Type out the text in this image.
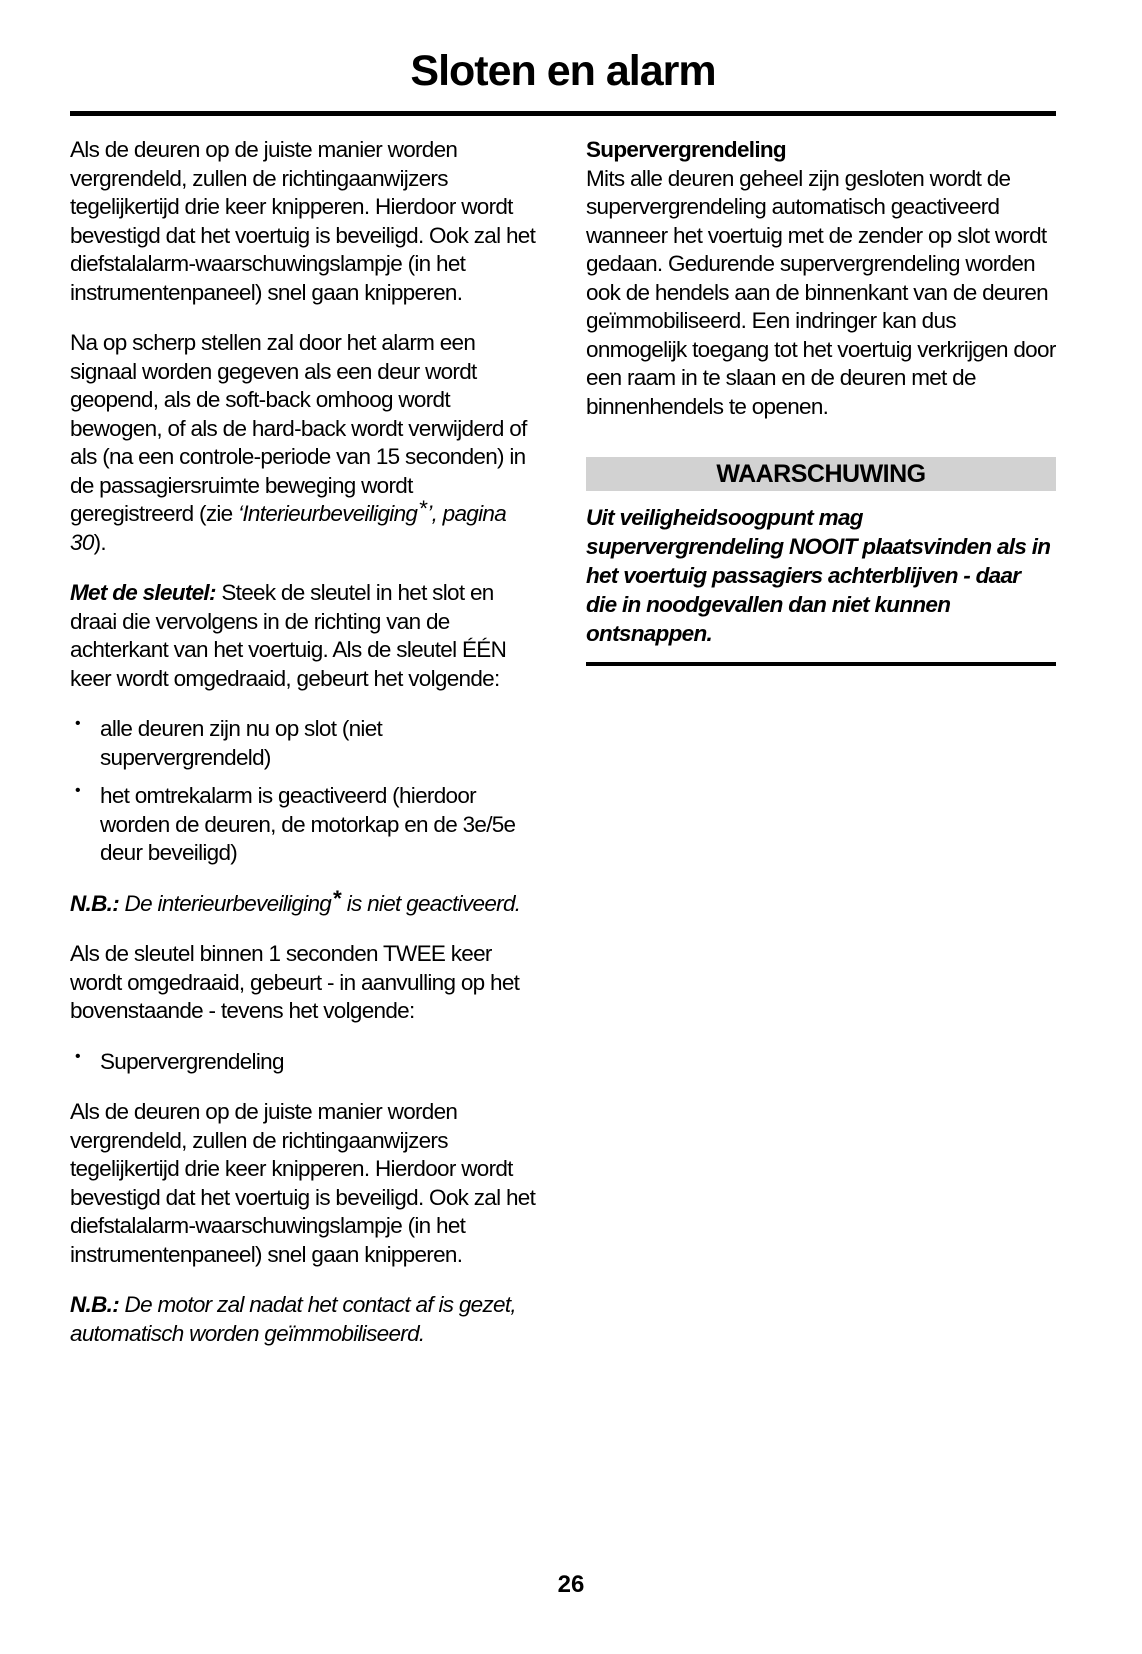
Sloten en alarm

Als de deuren op de juiste manier worden vergrendeld, zullen de richtingaanwijzers tegelijkertijd drie keer knipperen. Hierdoor wordt bevestigd dat het voertuig is beveiligd. Ook zal het diefstalalarm-waarschuwingslampje (in het instrumentenpaneel) snel gaan knipperen.

Na op scherp stellen zal door het alarm een signaal worden gegeven als een deur wordt geopend, als de soft-back omhoog wordt bewogen, of als de hard-back wordt verwijderd of als (na een controle-periode van 15 seconden) in de passagiersruimte beweging wordt geregistreerd (zie ‘Interieurbeveiliging*’, pagina 30).

Met de sleutel: Steek de sleutel in het slot en draai die vervolgens in de richting van de achterkant van het voertuig. Als de sleutel ÉÉN keer wordt omgedraaid, gebeurt het volgende:

• alle deuren zijn nu op slot (niet supervergrendeld)
• het omtrekalarm is geactiveerd (hierdoor worden de deuren, de motorkap en de 3e/5e deur beveiligd)

N.B.: De interieurbeveiliging* is niet geactiveerd.

Als de sleutel binnen 1 seconden TWEE keer wordt omgedraaid, gebeurt - in aanvulling op het bovenstaande - tevens het volgende:

• Supervergrendeling

Als de deuren op de juiste manier worden vergrendeld, zullen de richtingaanwijzers tegelijkertijd drie keer knipperen. Hierdoor wordt bevestigd dat het voertuig is beveiligd. Ook zal het diefstalalarm-waarschuwingslampje (in het instrumentenpaneel) snel gaan knipperen.

N.B.: De motor zal nadat het contact af is gezet, automatisch worden geïmmobiliseerd.

Supervergrendeling

Mits alle deuren geheel zijn gesloten wordt de supervergrendeling automatisch geactiveerd wanneer het voertuig met de zender op slot wordt gedaan. Gedurende supervergrendeling worden ook de hendels aan de binnenkant van de deuren geïmmobiliseerd. Een indringer kan dus onmogelijk toegang tot het voertuig verkrijgen door een raam in te slaan en de deuren met de binnenhendels te openen.

WAARSCHUWING

Uit veiligheidsoogpunt mag supervergrendeling NOOIT plaatsvinden als in het voertuig passagiers achterblijven - daar die in noodgevallen dan niet kunnen ontsnappen.

26
